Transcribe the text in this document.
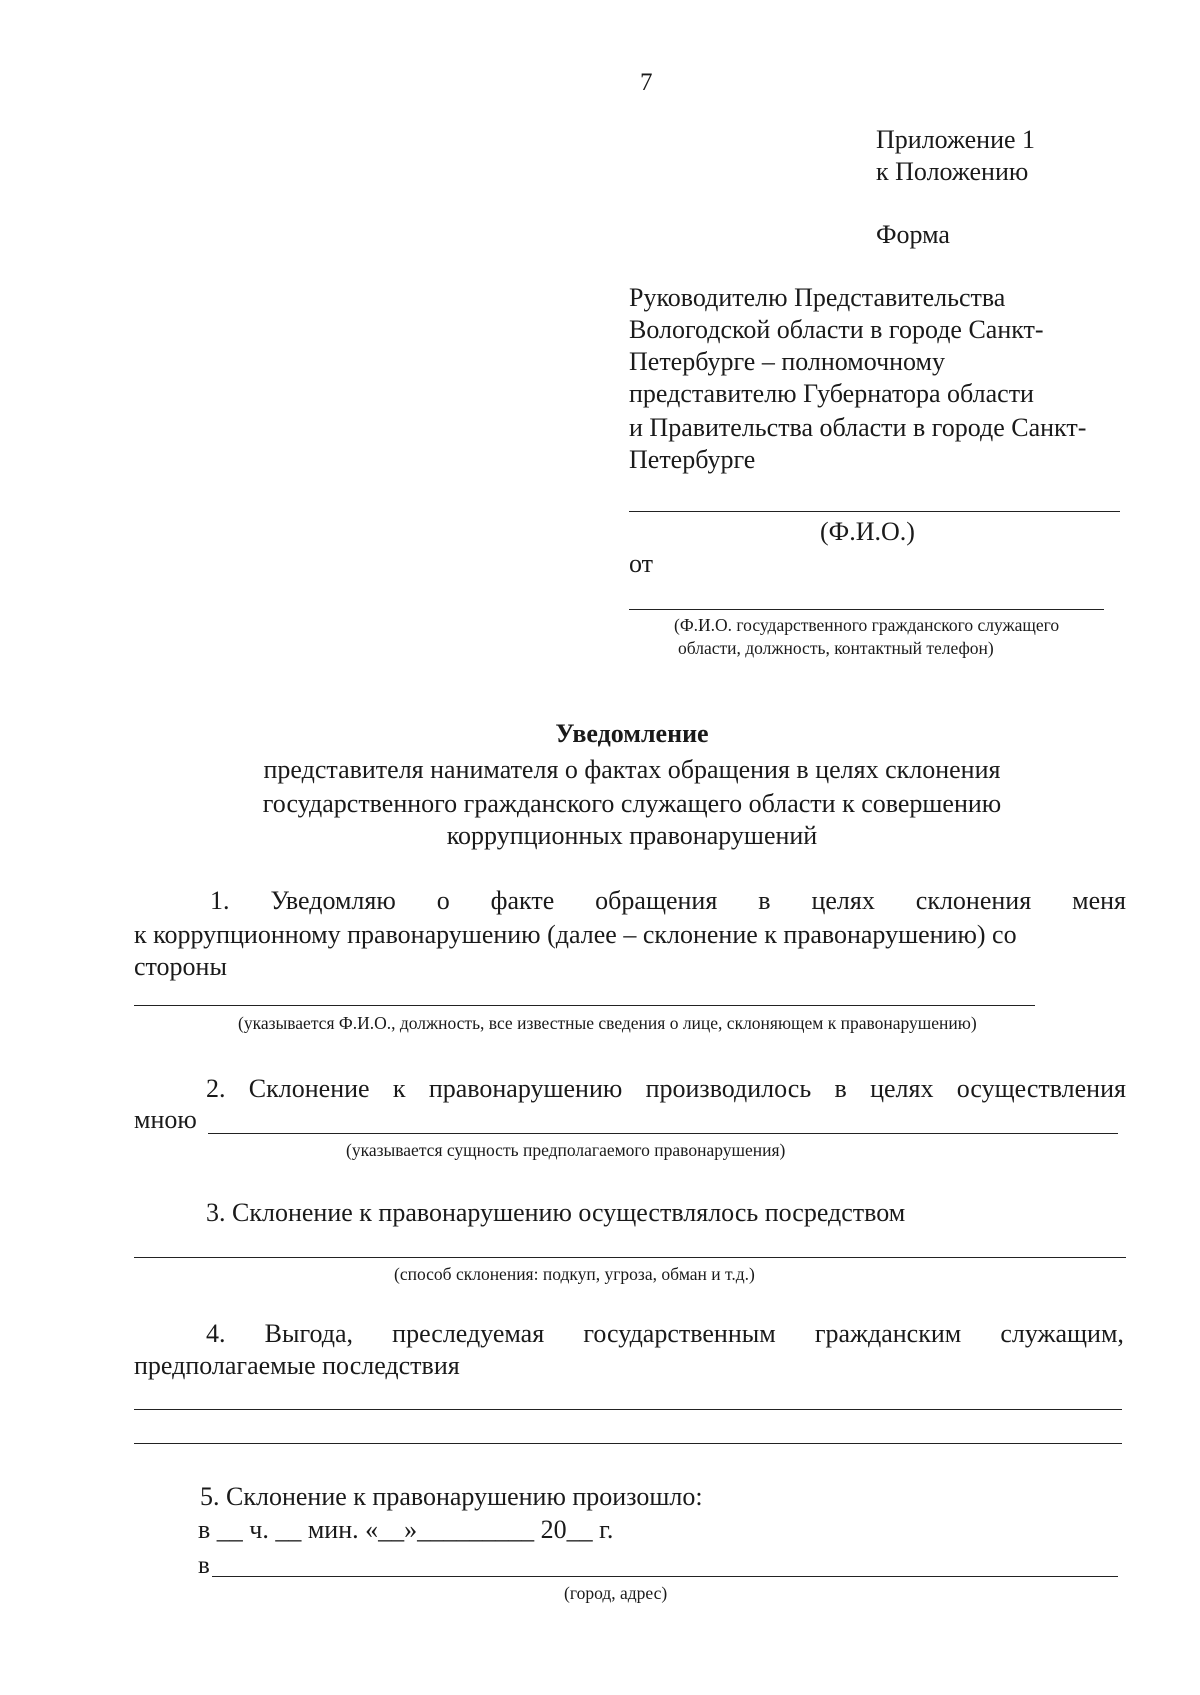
7
Приложение 1
к Положению
Форма
Руководителю Представительства
Вологодской области в городе Санкт-
Петербурге – полномочному
представителю Губернатора области
и Правительства области в городе Санкт-
Петербурге
(Ф.И.О.)
от
(Ф.И.О. государственного гражданского служащего
области, должность, контактный телефон)
Уведомление
представителя нанимателя о фактах обращения в целях склонения
государственного гражданского служащего области к совершению
коррупционных правонарушений
1. Уведомляю о факте обращения в целях склонения меня
к коррупционному правонарушению (далее – склонение к правонарушению) со
стороны
(указывается Ф.И.О., должность, все известные сведения о лице, склоняющем к правонарушению)
2. Склонение к правонарушению производилось в целях осуществления
мною
(указывается сущность предполагаемого правонарушения)
3. Склонение к правонарушению осуществлялось посредством
(способ склонения: подкуп, угроза, обман и т.д.)
4. Выгода, преследуемая государственным гражданским служащим,
предполагаемые последствия
5. Склонение к правонарушению произошло:
в __ ч. __ мин. «__»_________ 20__ г.
в
(город, адрес)
